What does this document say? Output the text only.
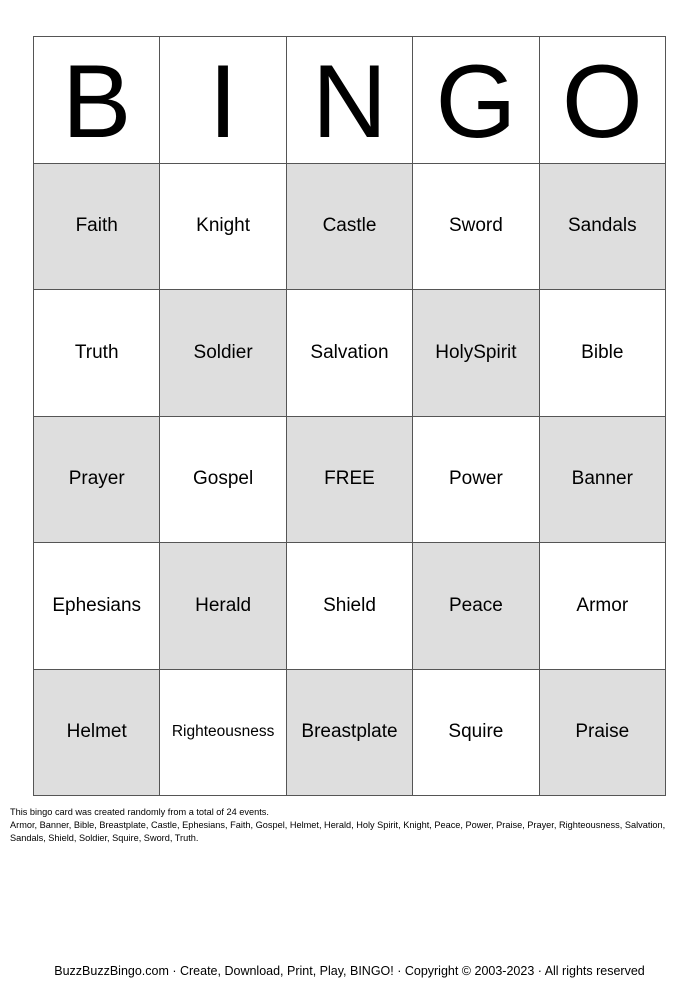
B I N G O
Faith	Knight	Castle	Sword	Sandals
Truth	Soldier	Salvation	Holy Spirit	Bible
Prayer	Gospel	FREE	Power	Banner
Ephesians	Herald	Shield	Peace	Armor
Helmet	Righteousness	Breastplate	Squire	Praise
This bingo card was created randomly from a total of 24 events.
Armor, Banner, Bible, Breastplate, Castle, Ephesians, Faith, Gospel, Helmet, Herald, Holy Spirit, Knight, Peace, Power, Praise, Prayer, Righteousness, Salvation, Sandals, Shield, Soldier, Squire, Sword, Truth.
BuzzBuzzBingo.com · Create, Download, Print, Play, BINGO! · Copyright © 2003-2023 · All rights reserved
